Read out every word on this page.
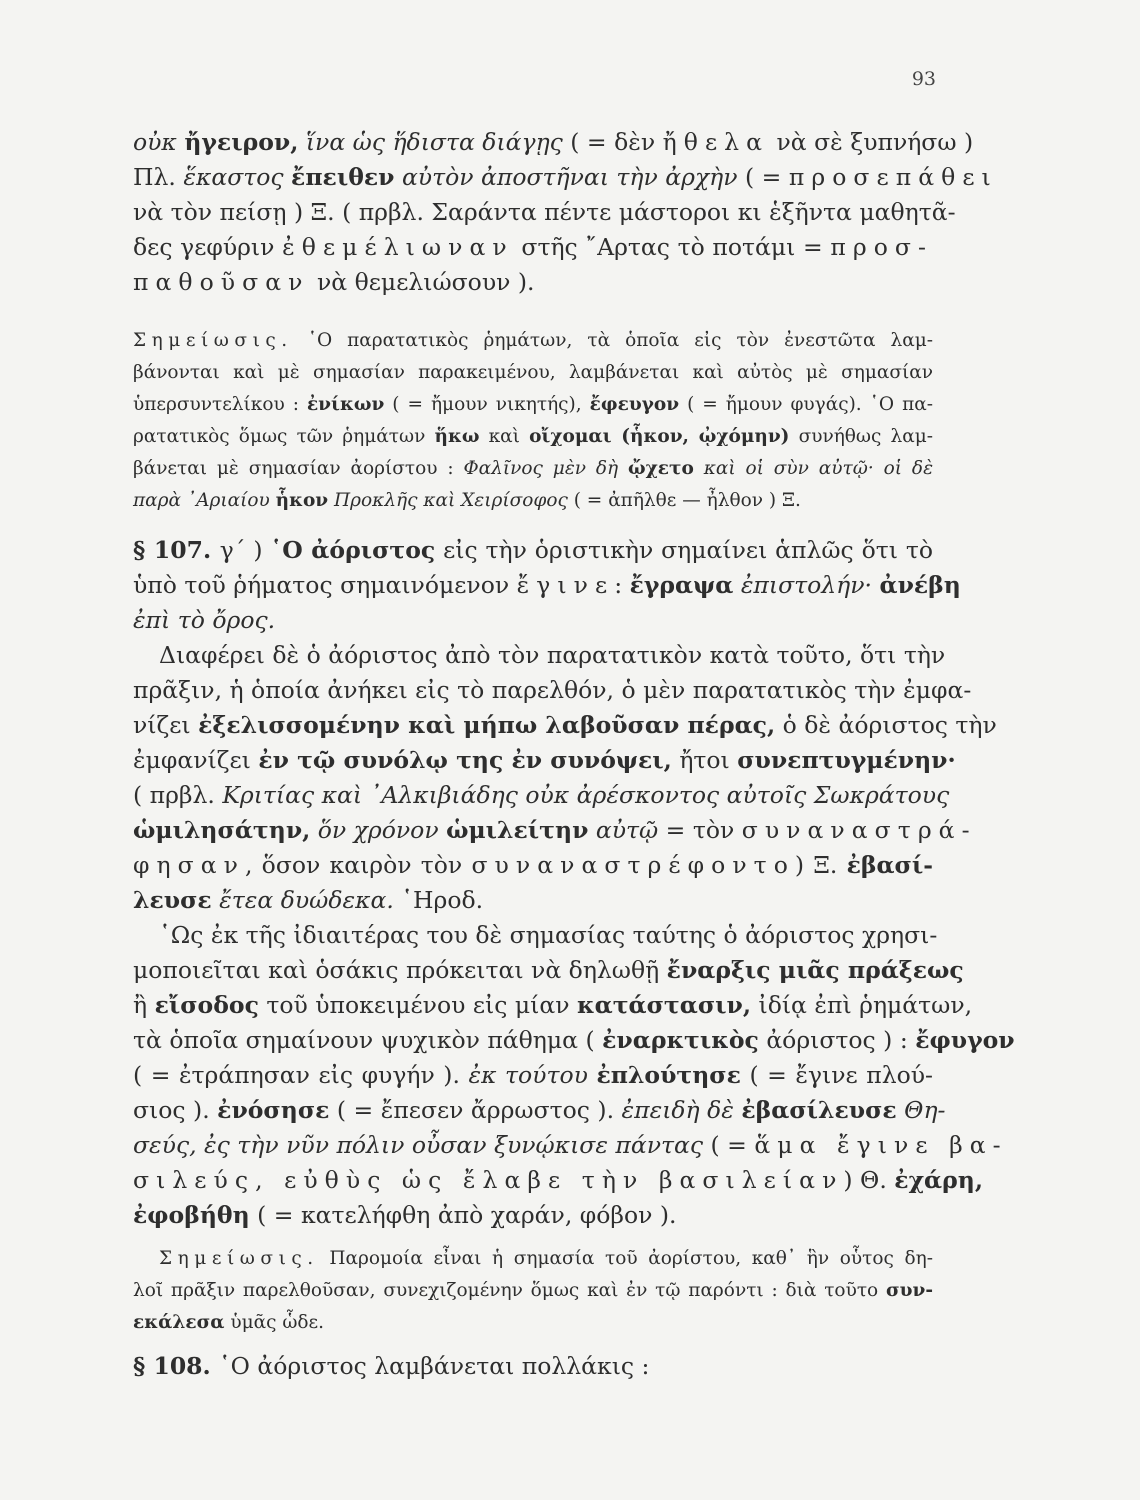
93
οὐκ ἤγειρον, ἵνα ὡς ἥδιστα διάγῃς ( = δὲν ἤθελα νὰ σὲ ξυπνήσω )
Πλ. ἕκαστος ἔπειθεν αὐτὸν ἀποστῆναι τὴν ἀρχὴν ( = προσεπάθει
νὰ τὸν πείσῃ ) Ξ. ( πρβλ. Σαράντα πέντε μάστοροι κι ἑξῆντα μαθητᾶ-
δες γεφύριν ἐθεμέλιωναν στῆς ῎Αρτας τὸ ποτάμι = προσ-
παθοῦσαν νὰ θεμελιώσουν ).
Σημείωσις. ῾Ο παρατατικὸς ῥημάτων, τὰ ὁποῖα εἰς τὸν ἐνεστῶτα λαμ-
βάνονται καὶ μὲ σημασίαν παρακειμένου, λαμβάνεται καὶ αὐτὸς μὲ σημασίαν
ὑπερσυντελίκου : ἐνίκων ( = ἤμουν νικητής), ἔφευγον ( = ἤμουν φυγάς). ῾Ο πα-
ρατατικὸς ὅμως τῶν ῥημάτων ἥκω καὶ οἴχομαι (ἧκον, ᾠχόμην) συνήθως λαμ-
βάνεται μὲ σημασίαν ἀορίστου : Φαλῖνος μὲν δὴ ᾤχετο καὶ οἱ σὺν αὐτῷ· οἱ δὲ
παρὰ ᾿Αριαίου ἧκον Προκλῆς καὶ Χειρίσοφος ( = ἀπῆλθε — ἦλθον ) Ξ.
§ 107. γ΄ ) ῾Ο ἀόριστος εἰς τὴν ὁριστικὴν σημαίνει ἁπλῶς ὅτι τὸ
ὑπὸ τοῦ ῥήματος σημαινόμενον ἔγινε: ἔγραψα ἐπιστολήν· ἀνέβη
ἐπὶ τὸ ὄρος.
Διαφέρει δὲ ὁ ἀόριστος ἀπὸ τὸν παρατατικὸν κατὰ τοῦτο, ὅτι τὴν
πρᾶξιν, ἡ ὁποία ἀνήκει εἰς τὸ παρελθόν, ὁ μὲν παρατατικὸς τὴν ἐμφα-
νίζει ἐξελισσομένην καὶ μήπω λαβοῦσαν πέρας, ὁ δὲ ἀόριστος τὴν
ἐμφανίζει ἐν τῷ συνόλῳ της ἐν συνόψει, ἤτοι συνεπτυγμένην·
( πρβλ. Κριτίας καὶ ᾿Αλκιβιάδης οὐκ ἀρέσκοντος αὐτοῖς Σωκράτους
ὡμιλησάτην, ὅν χρόνον ὡμιλείτην αὐτῷ = τὸν συναναστρά-
φησαν, ὅσον καιρὸν τὸν συναναστρέφοντο) Ξ. ἐβασί-
λευσε ἔτεα δυώδεκα. ῾Ηροδ.
῾Ως ἐκ τῆς ἰδιαιτέρας του δὲ σημασίας ταύτης ὁ ἀόριστος χρησι-
μοποιεῖται καὶ ὁσάκις πρόκειται νὰ δηλωθῇ ἔναρξις μιᾶς πράξεως
ἢ εἴσοδος τοῦ ὑποκειμένου εἰς μίαν κατάστασιν, ἰδίᾳ ἐπὶ ῥημάτων,
τὰ ὁποῖα σημαίνουν ψυχικὸν πάθημα ( ἐναρκτικὸς ἀόριστος ) : ἔφυγον
( = ἐτράπησαν εἰς φυγήν ). ἐκ τούτου ἐπλούτησε ( = ἔγινε πλού-
σιος ). ἐνόσησε ( = ἔπεσεν ἄρρωστος ). ἐπειδὴ δὲ ἐβασίλευσε Θη-
σεύς, ἐς τὴν νῦν πόλιν οὖσαν ξυνῴκισε πάντας ( = ἅμα ἔγινε βα-
σιλεύς, εὐθὺς ὡς ἔλαβε τὴν βασιλείαν) Θ. ἐχάρη,
ἐφοβήθη ( = κατελήφθη ἀπὸ χαράν, φόβον ).
Σημείωσις. Παρομοία εἶναι ἡ σημασία τοῦ ἀορίστου, καθ᾿ ἣν οὗτος δη-
λοῖ πρᾶξιν παρελθοῦσαν, συνεχιζομένην ὅμως καὶ ἐν τῷ παρόντι : διὰ τοῦτο συν-
εκάλεσα ὑμᾶς ὧδε.
§ 108. ῾Ο ἀόριστος λαμβάνεται πολλάκις :
